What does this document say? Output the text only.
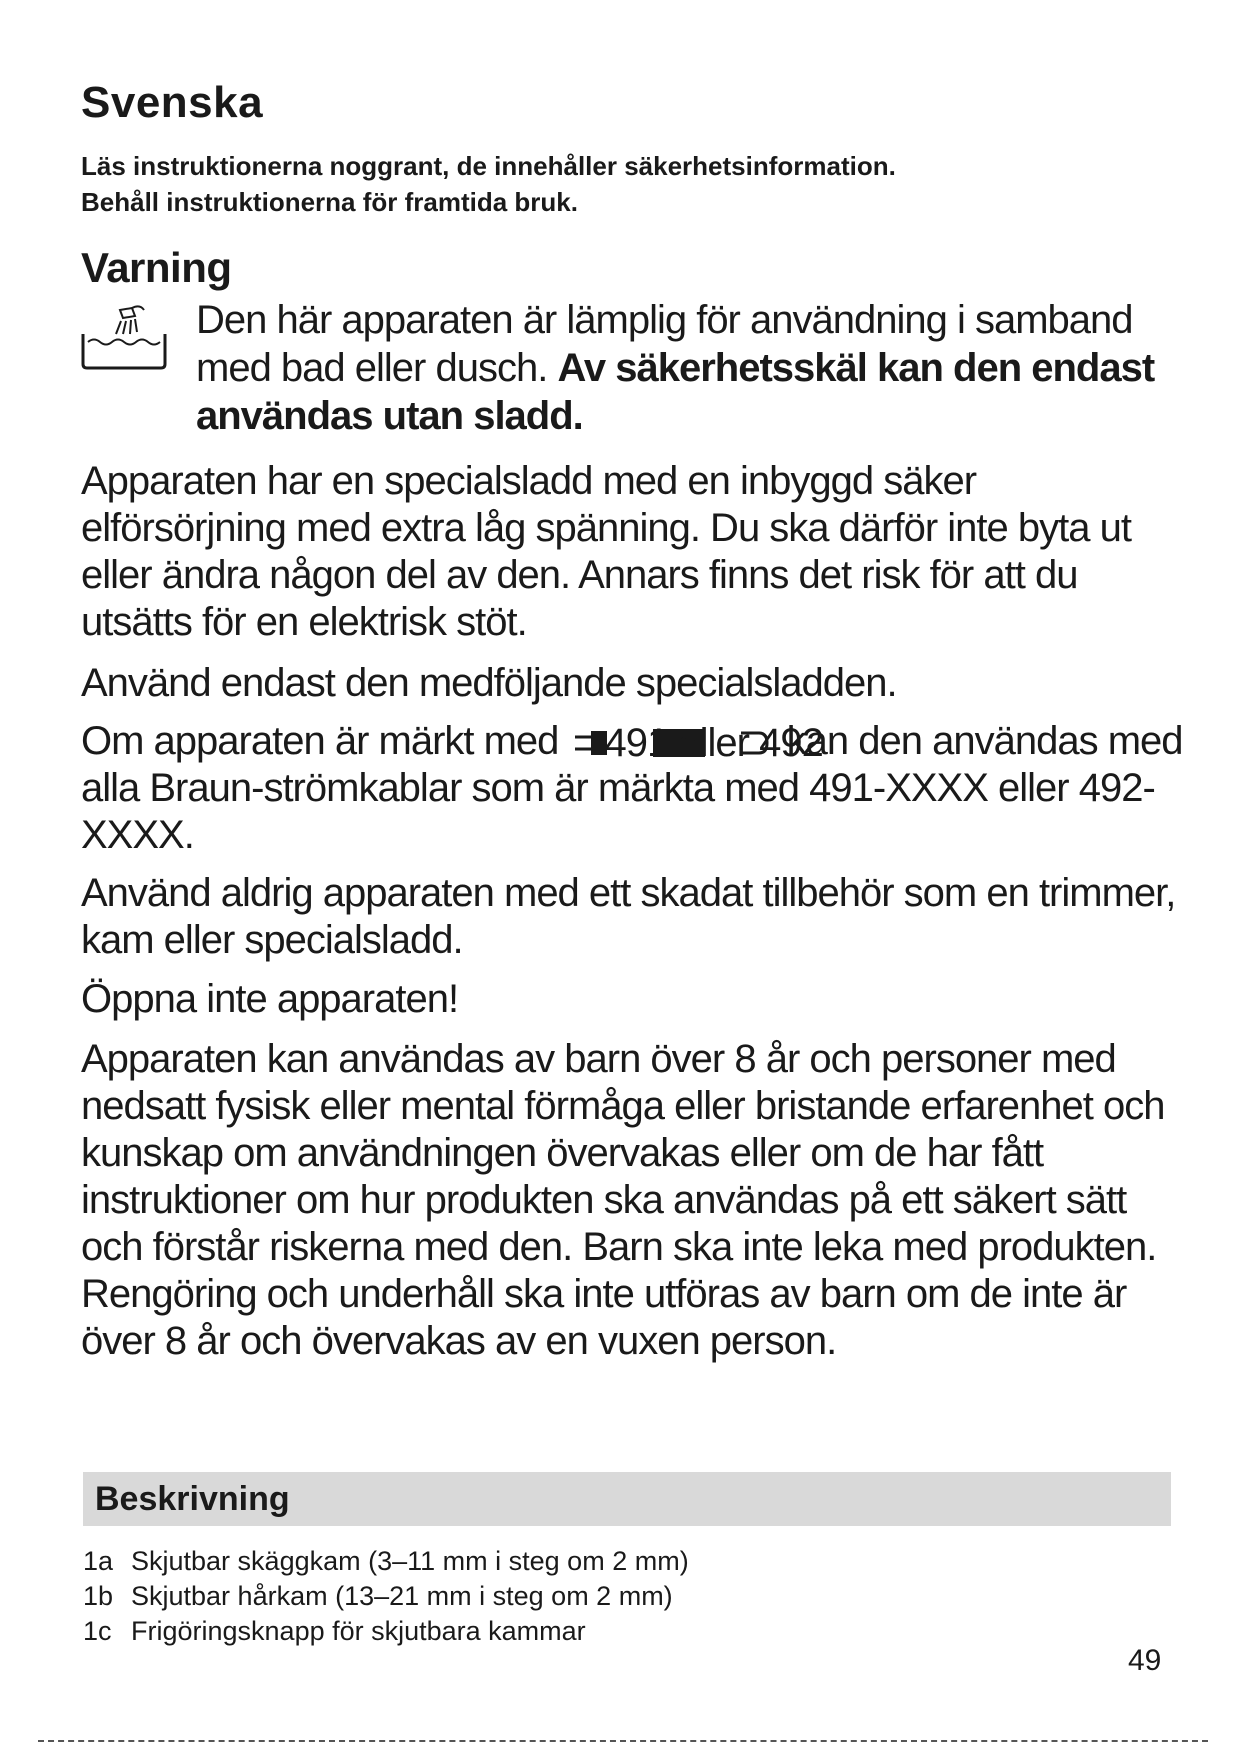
Svenska
Läs instruktionerna noggrant, de innehåller säkerhetsinformation.
Behåll instruktionerna för framtida bruk.
Varning

Den här apparaten är lämplig för användning i samband med bad eller dusch. Av säkerhetsskäl kan den endast användas utan sladd.

Apparaten har en specialsladd med en inbyggd säker elförsörjning med extra låg spänning. Du ska därför inte byta ut eller ändra någon del av den. Annars finns det risk för att du utsätts för en elektrisk stöt.

Använd endast den medföljande specialsladden.

Om apparaten är märkt med 491 eller 492
kan den användas med alla Braun-strömkablar som är märkta med 491-XXXX eller 492-XXXX.

Använd aldrig apparaten med ett skadat tillbehör som en trimmer, kam eller specialsladd.

Öppna inte apparaten!

Apparaten kan användas av barn över 8 år och personer med nedsatt fysisk eller mental förmåga eller bristande erfarenhet och kunskap om användningen övervakas eller om de har fått instruktioner om hur produkten ska användas på ett säkert sätt och förstår riskerna med den. Barn ska inte leka med produkten. Rengöring och underhåll ska inte utföras av barn om de inte är över 8 år och övervakas av en vuxen person.

Beskrivning
1a Skjutbar skäggkam (3–11 mm i steg om 2 mm)
1b Skjutbar hårkam (13–21 mm i steg om 2 mm)
1c Frigöringsknapp för skjutbara kammar
49
